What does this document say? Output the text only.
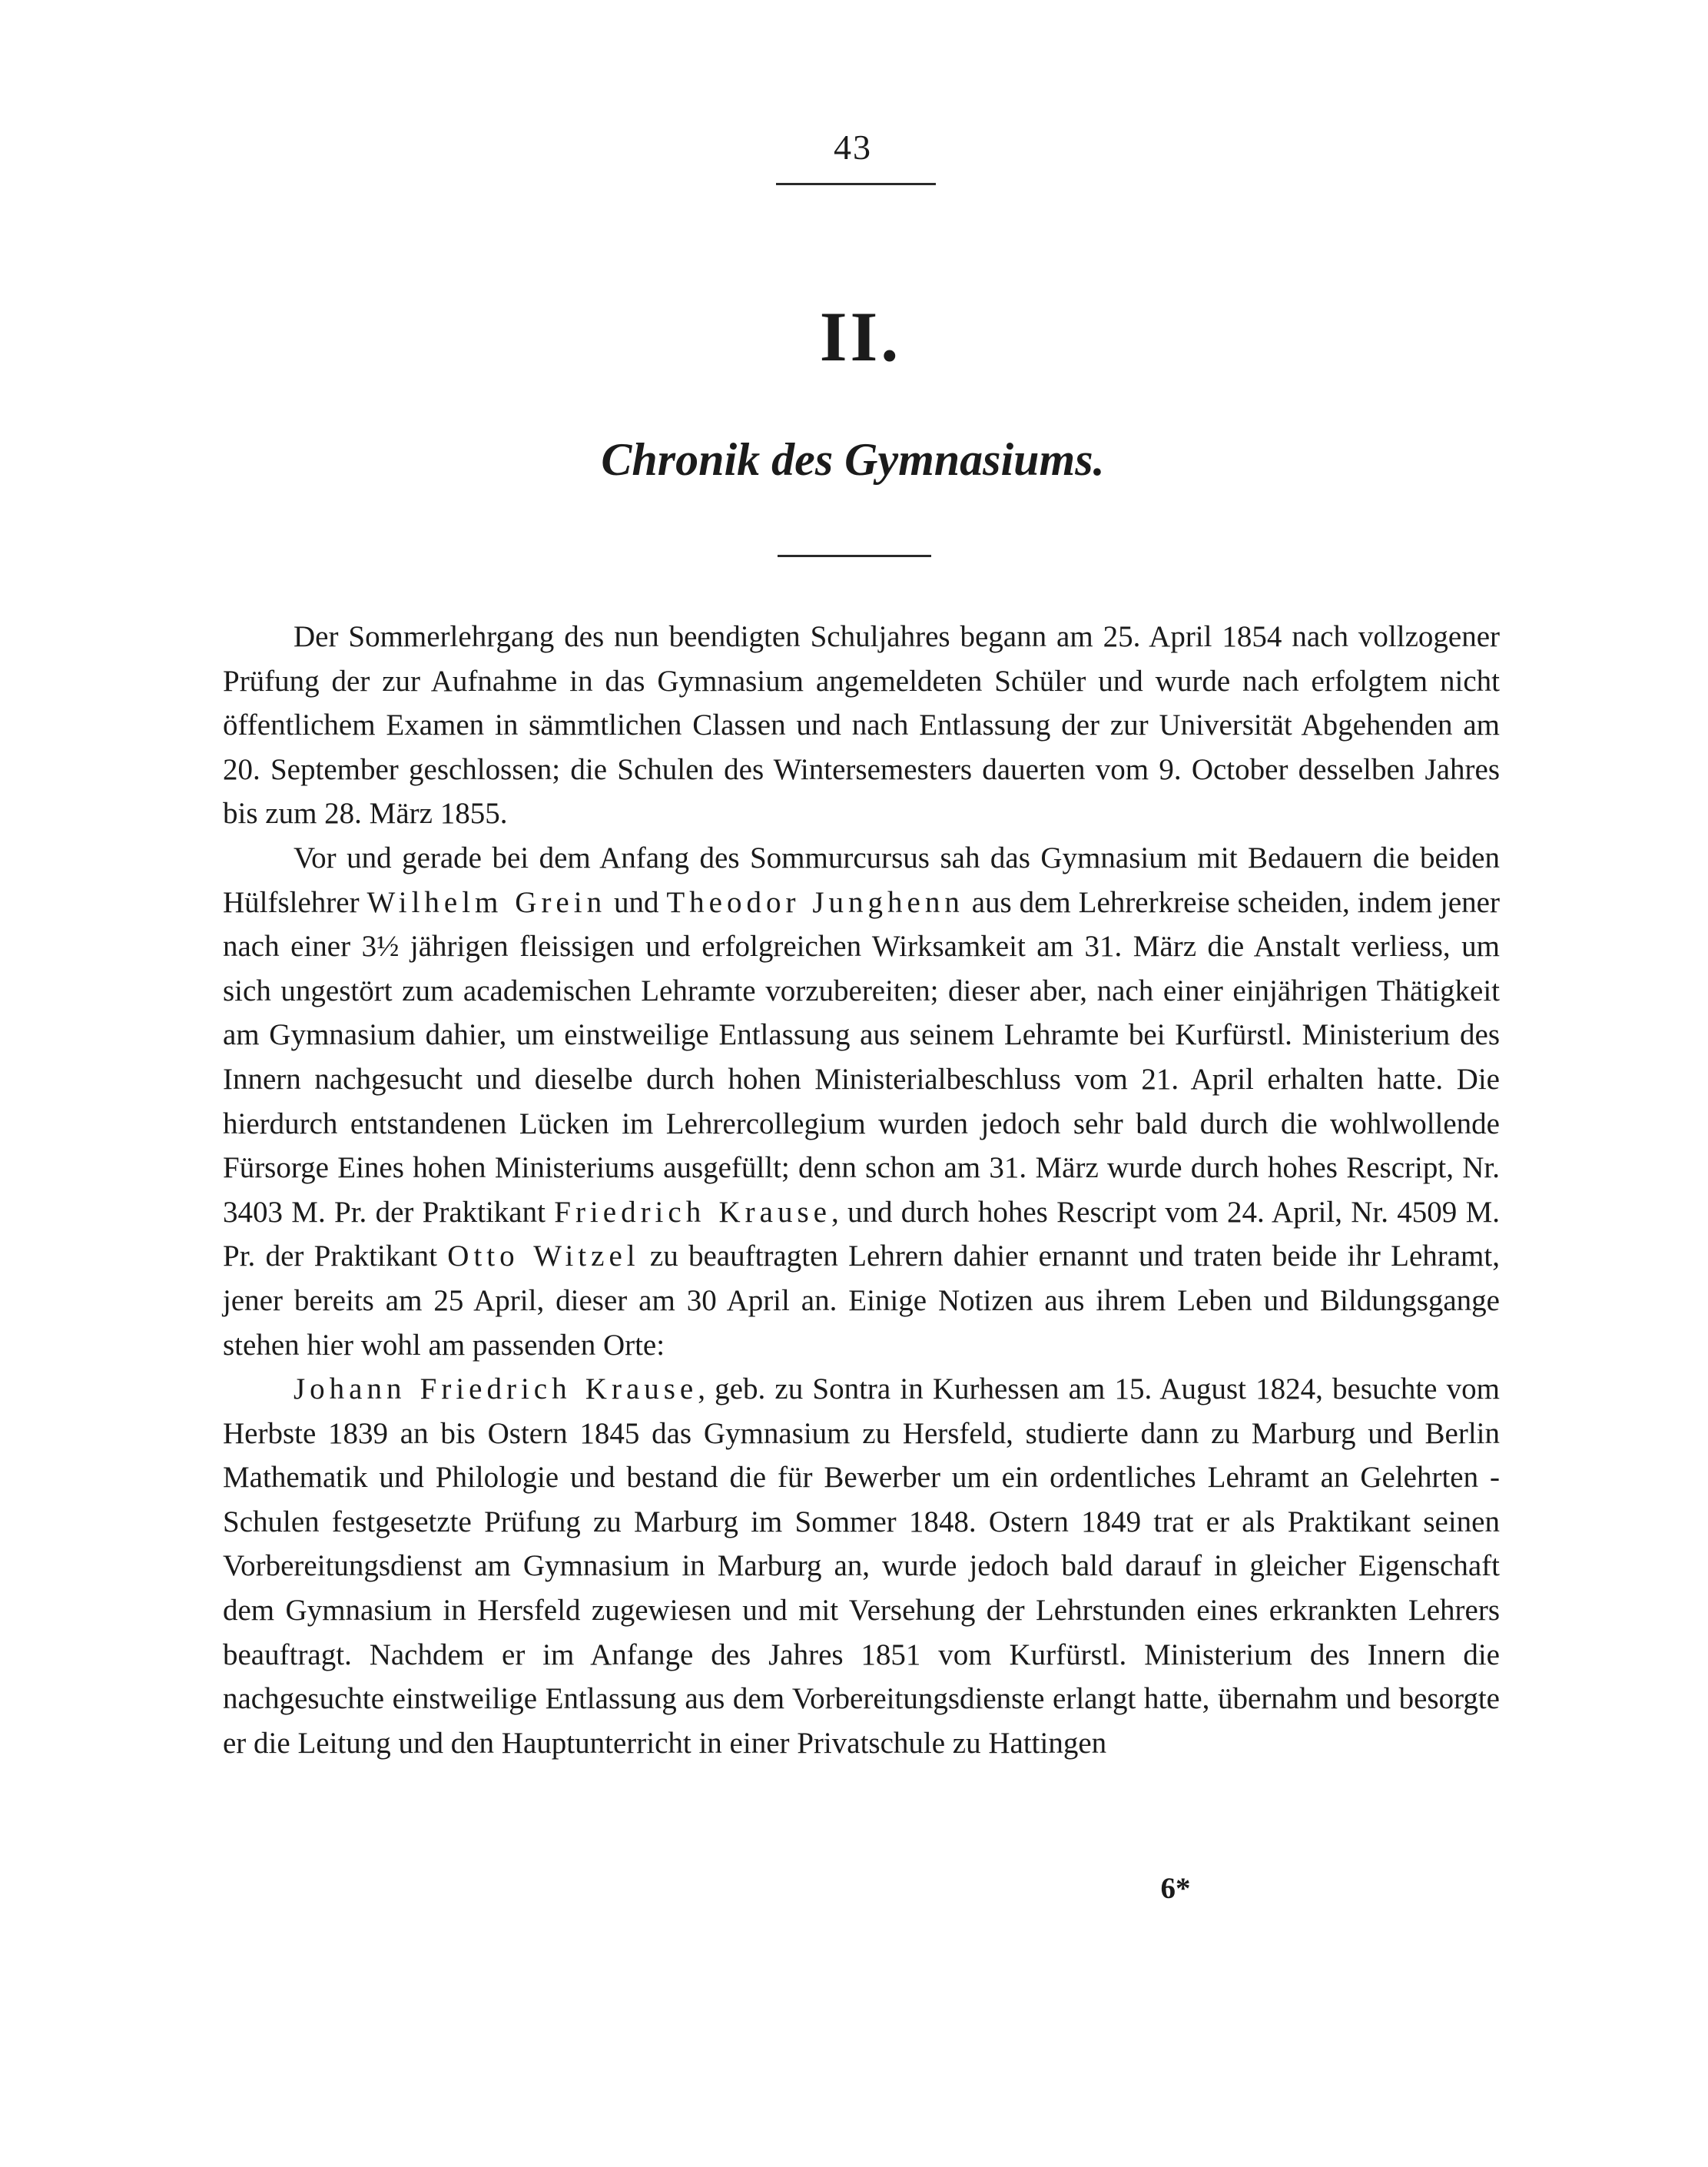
43
II.
Chronik des Gymnasiums.

Der Sommerlehrgang des nun beendigten Schuljahres begann am 25. April 1854 nach vollzogener Prüfung der zur Aufnahme in das Gymnasium angemeldeten Schüler und wurde nach erfolgtem nicht öffentlichem Examen in sämmtlichen Classen und nach Entlassung der zur Universität Abgehenden am 20. September geschlossen; die Schulen des Wintersemesters dauerten vom 9. October desselben Jahres bis zum 28. März 1855.

Vor und gerade bei dem Anfang des Sommurcursus sah das Gymnasium mit Bedauern die beiden Hülfslehrer Wilhelm Grein und Theodor Junghenn aus dem Lehrerkreise scheiden, indem jener nach einer 3½ jährigen fleissigen und erfolgreichen Wirksamkeit am 31. März die Anstalt verliess, um sich ungestört zum academischen Lehramte vorzubereiten; dieser aber, nach einer einjährigen Thätigkeit am Gymnasium dahier, um einstweilige Entlassung aus seinem Lehramte bei Kurfürstl. Ministerium des Innern nachgesucht und dieselbe durch hohen Ministerialbeschluss vom 21. April erhalten hatte. Die hierdurch entstandenen Lücken im Lehrercollegium wurden jedoch sehr bald durch die wohlwollende Fürsorge Eines hohen Ministeriums ausgefüllt; denn schon am 31. März wurde durch hohes Rescript, Nr. 3403 M. Pr. der Praktikant Friedrich Krause, und durch hohes Rescript vom 24. April, Nr. 4509 M. Pr. der Praktikant Otto Witzel zu beauftragten Lehrern dahier ernannt und traten beide ihr Lehramt, jener bereits am 25 April, dieser am 30 April an. Einige Notizen aus ihrem Leben und Bildungsgange stehen hier wohl am passenden Orte:

Johann Friedrich Krause, geb. zu Sontra in Kurhessen am 15. August 1824, besuchte vom Herbste 1839 an bis Ostern 1845 das Gymnasium zu Hersfeld, studierte dann zu Marburg und Berlin Mathematik und Philologie und bestand die für Bewerber um ein ordentliches Lehramt an Gelehrten - Schulen festgesetzte Prüfung zu Marburg im Sommer 1848. Ostern 1849 trat er als Praktikant seinen Vorbereitungsdienst am Gymnasium in Marburg an, wurde jedoch bald darauf in gleicher Eigenschaft dem Gymnasium in Hersfeld zugewiesen und mit Versehung der Lehrstunden eines erkrankten Lehrers beauftragt. Nachdem er im Anfange des Jahres 1851 vom Kurfürstl. Ministerium des Innern die nachgesuchte einstweilige Entlassung aus dem Vorbereitungsdienste erlangt hatte, übernahm und besorgte er die Leitung und den Hauptunterricht in einer Privatschule zu Hattingen

6*
